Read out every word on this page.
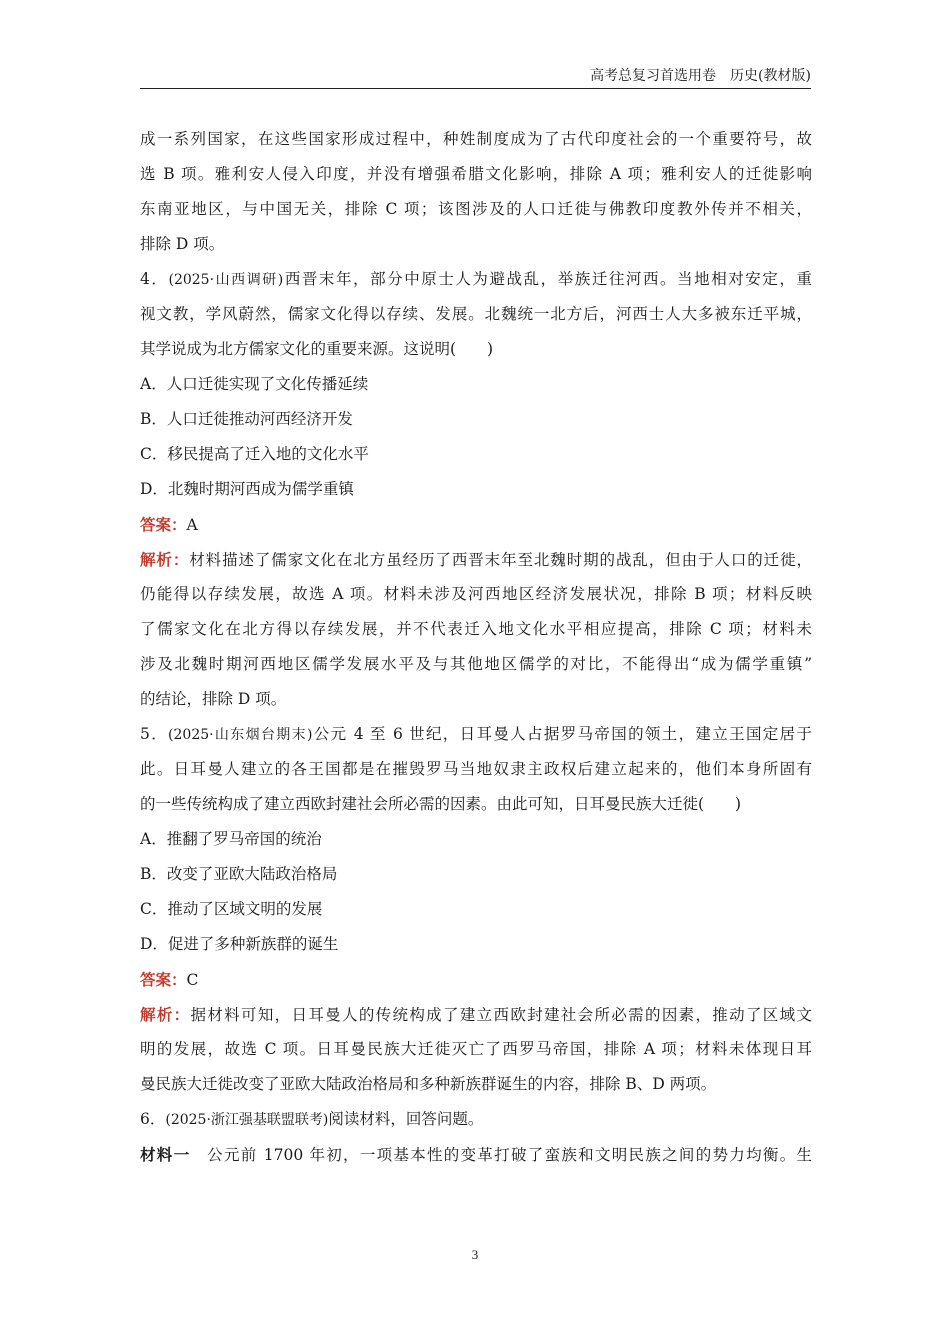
高考总复习首选用卷　历史(教材版)
成一系列国家，在这些国家形成过程中，种姓制度成为了古代印度社会的一个重要符号，故
选 B 项。雅利安人侵入印度，并没有增强希腊文化影响，排除 A 项；雅利安人的迁徙影响
东南亚地区，与中国无关，排除 C 项；该图涉及的人口迁徙与佛教印度教外传并不相关，
排除 D 项。
4．(2025·山西调研)西晋末年，部分中原士人为避战乱，举族迁往河西。当地相对安定，重
视文教，学风蔚然，儒家文化得以存续、发展。北魏统一北方后，河西士人大多被东迁平城，
其学说成为北方儒家文化的重要来源。这说明(　　)
A．人口迁徙实现了文化传播延续
B．人口迁徙推动河西经济开发
C．移民提高了迁入地的文化水平
D．北魏时期河西成为儒学重镇
答案：A
解析：材料描述了儒家文化在北方虽经历了西晋末年至北魏时期的战乱，但由于人口的迁徙，
仍能得以存续发展，故选 A 项。材料未涉及河西地区经济发展状况，排除 B 项；材料反映
了儒家文化在北方得以存续发展，并不代表迁入地文化水平相应提高，排除 C 项；材料未
涉及北魏时期河西地区儒学发展水平及与其他地区儒学的对比，不能得出“成为儒学重镇”
的结论，排除 D 项。
5．(2025·山东烟台期末)公元 4 至 6 世纪，日耳曼人占据罗马帝国的领土，建立王国定居于
此。日耳曼人建立的各王国都是在摧毁罗马当地奴隶主政权后建立起来的，他们本身所固有
的一些传统构成了建立西欧封建社会所必需的因素。由此可知，日耳曼民族大迁徙(　　)
A．推翻了罗马帝国的统治
B．改变了亚欧大陆政治格局
C．推动了区域文明的发展
D．促进了多种新族群的诞生
答案：C
解析：据材料可知，日耳曼人的传统构成了建立西欧封建社会所必需的因素，推动了区域文
明的发展，故选 C 项。日耳曼民族大迁徙灭亡了西罗马帝国，排除 A 项；材料未体现日耳
曼民族大迁徙改变了亚欧大陆政治格局和多种新族群诞生的内容，排除 B、D 两项。
6．(2025·浙江强基联盟联考)阅读材料，回答问题。
材料一　公元前 1700 年初，一项基本性的变革打破了蛮族和文明民族之间的势力均衡。生
3
